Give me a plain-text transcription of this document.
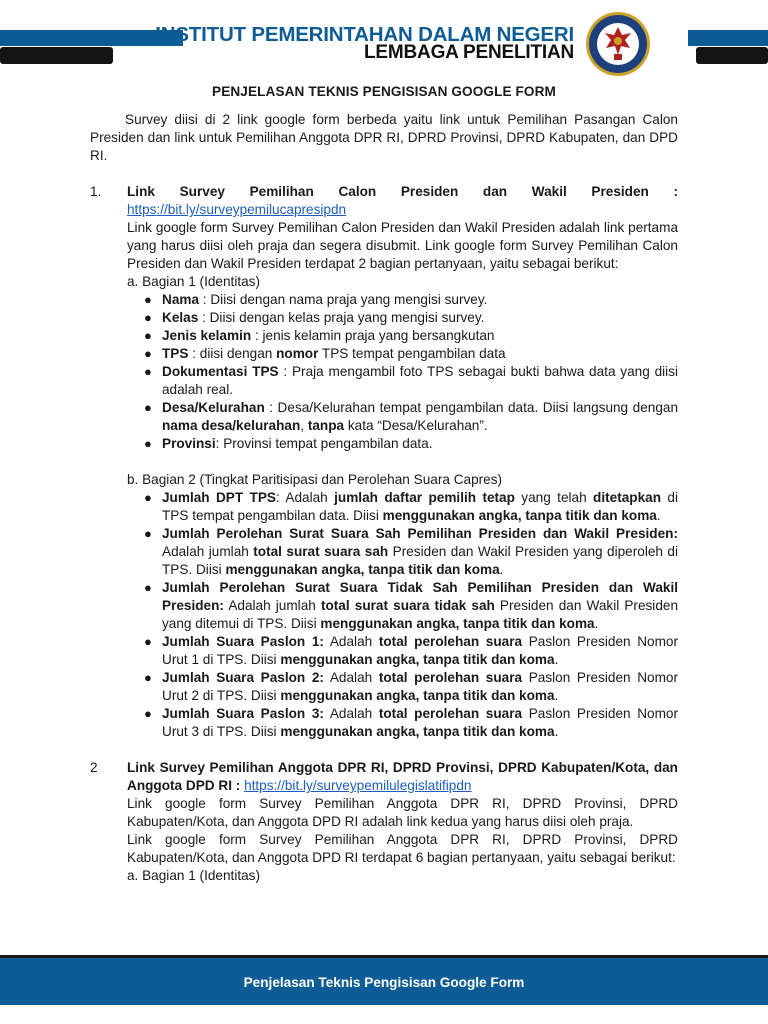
INSTITUT PEMERINTAHAN DALAM NEGERI
LEMBAGA PENELITIAN
PENJELASAN TEKNIS PENGISISAN GOOGLE FORM

Survey diisi di 2 link google form berbeda yaitu link untuk Pemilihan Pasangan Calon Presiden dan link untuk Pemilihan Anggota DPR RI, DPRD Provinsi, DPRD Kabupaten, dan DPD RI.

1. Link Survey Pemilihan Calon Presiden dan Wakil Presiden :

https://bit.ly/surveypemilucapresipdn

Link google form Survey Pemilihan Calon Presiden dan Wakil Presiden adalah link pertama yang harus diisi oleh praja dan segera disubmit. Link google form Survey Pemilihan Calon Presiden dan Wakil Presiden terdapat 2 bagian pertanyaan, yaitu sebagai berikut:

a. Bagian 1 (Identitas)

● Nama : Diisi dengan nama praja yang mengisi survey.
● Kelas : Diisi dengan kelas praja yang mengisi survey.
● Jenis kelamin : jenis kelamin praja yang bersangkutan
● TPS : diisi dengan nomor TPS tempat pengambilan data
● Dokumentasi TPS : Praja mengambil foto TPS sebagai bukti bahwa data yang diisi adalah real.
● Desa/Kelurahan : Desa/Kelurahan tempat pengambilan data. Diisi langsung dengan nama desa/kelurahan, tanpa kata “Desa/Kelurahan”.
● Provinsi: Provinsi tempat pengambilan data.

b. Bagian 2 (Tingkat Paritisipasi dan Perolehan Suara Capres)

● Jumlah DPT TPS: Adalah jumlah daftar pemilih tetap yang telah ditetapkan di TPS tempat pengambilan data. Diisi menggunakan angka, tanpa titik dan koma.
● Jumlah Perolehan Surat Suara Sah Pemilihan Presiden dan Wakil Presiden: Adalah jumlah total surat suara sah Presiden dan Wakil Presiden yang diperoleh di TPS. Diisi menggunakan angka, tanpa titik dan koma.
● Jumlah Perolehan Surat Suara Tidak Sah Pemilihan Presiden dan Wakil Presiden: Adalah jumlah total surat suara tidak sah Presiden dan Wakil Presiden yang ditemui di TPS. Diisi menggunakan angka, tanpa titik dan koma.
● Jumlah Suara Paslon 1: Adalah total perolehan suara Paslon Presiden Nomor Urut 1 di TPS. Diisi menggunakan angka, tanpa titik dan koma.
● Jumlah Suara Paslon 2: Adalah total perolehan suara Paslon Presiden Nomor Urut 2 di TPS. Diisi menggunakan angka, tanpa titik dan koma.
● Jumlah Suara Paslon 3: Adalah total perolehan suara Paslon Presiden Nomor Urut 3 di TPS. Diisi menggunakan angka, tanpa titik dan koma.
2 Link Survey Pemilihan Anggota DPR RI, DPRD Provinsi, DPRD Kabupaten/Kota, dan Anggota DPD RI : https://bit.ly/surveypemilulegislatifipdn

Link google form Survey Pemilihan Anggota DPR RI, DPRD Provinsi, DPRD Kabupaten/Kota, dan Anggota DPD RI adalah link kedua yang harus diisi oleh praja.

Link google form Survey Pemilihan Anggota DPR RI, DPRD Provinsi, DPRD Kabupaten/Kota, dan Anggota DPD RI terdapat 6 bagian pertanyaan, yaitu sebagai berikut:

a. Bagian 1 (Identitas)

Penjelasan Teknis Pengisisan Google Form
